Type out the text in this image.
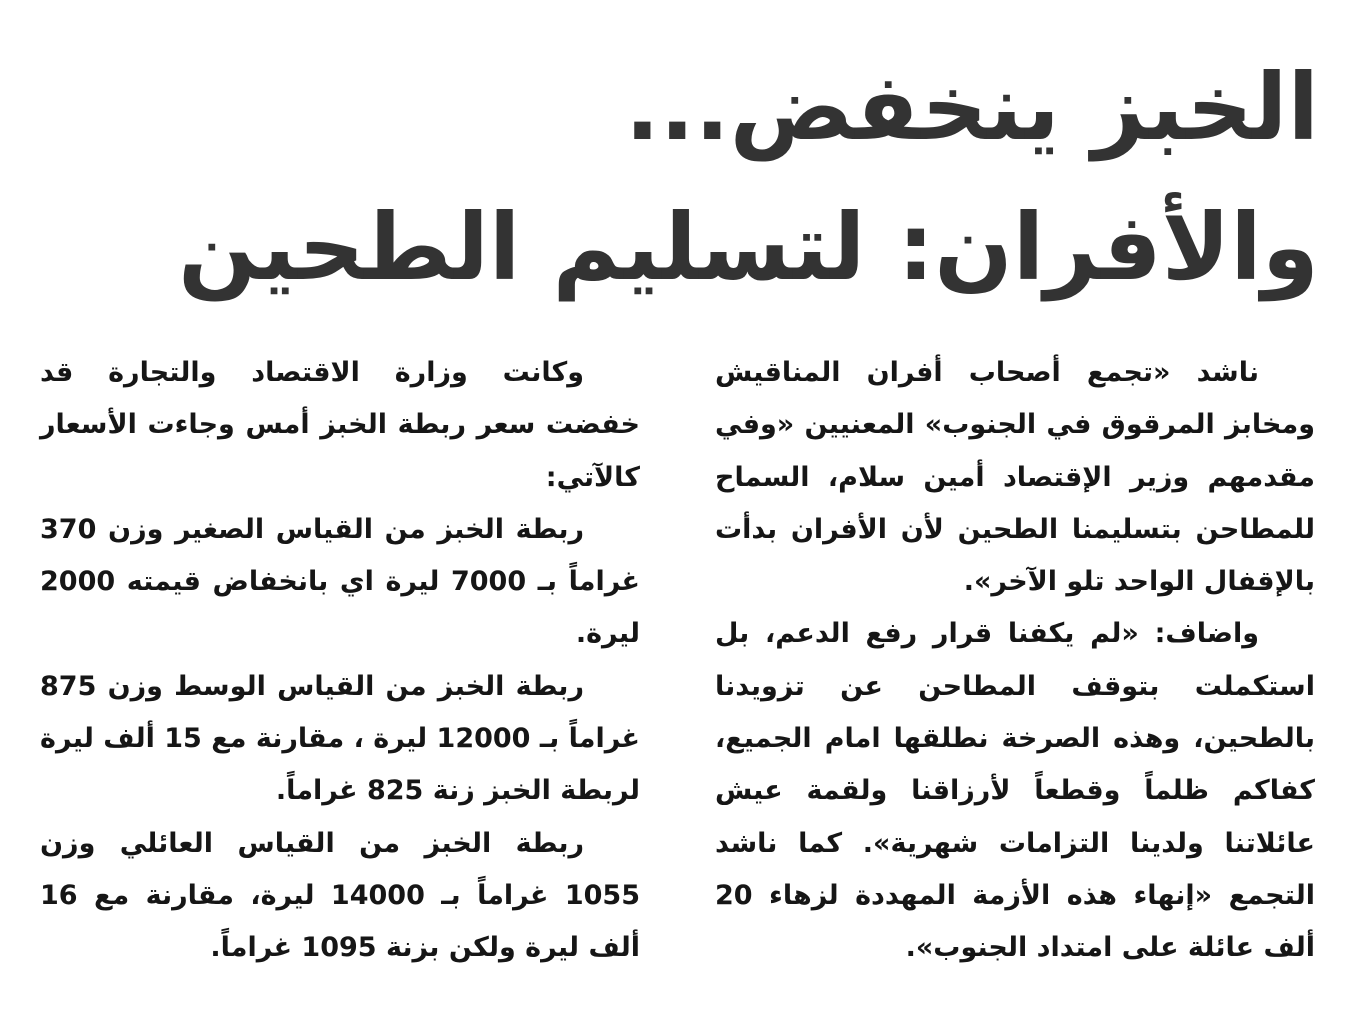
الخبز ينخفض...
والأفران: لتسليم الطحين

ناشد «تجمع أصحاب أفران المناقيش ومخابز المرقوق في الجنوب» المعنيين «وفي مقدمهم وزير الإقتصاد أمين سلام، السماح للمطاحن بتسليمنا الطحين لأن الأفران بدأت بالإقفال الواحد تلو الآخر».

واضاف: «لم يكفنا قرار رفع الدعم، بل استكملت بتوقف المطاحن عن تزويدنا بالطحين، وهذه الصرخة نطلقها امام الجميع، كفاكم ظلماً وقطعاً لأرزاقنا ولقمة عيش عائلاتنا ولدينا التزامات شهرية». كما ناشد التجمع «إنهاء هذه الأزمة المهددة لزهاء 20 ألف عائلة على امتداد الجنوب».

وكانت وزارة الاقتصاد والتجارة قد خفضت سعر ربطة الخبز أمس وجاءت الأسعار كالآتي:

ربطة الخبز من القياس الصغير وزن 370 غراماً بـ 7000 ليرة اي بانخفاض قيمته 2000 ليرة.

ربطة الخبز من القياس الوسط وزن 875 غراماً بـ 12000 ليرة ، مقارنة مع 15 ألف ليرة لربطة الخبز زنة 825 غراماً.

ربطة الخبز من القياس العائلي وزن 1055 غراماً بـ 14000 ليرة، مقارنة مع 16 ألف ليرة ولكن بزنة 1095 غراماً.
